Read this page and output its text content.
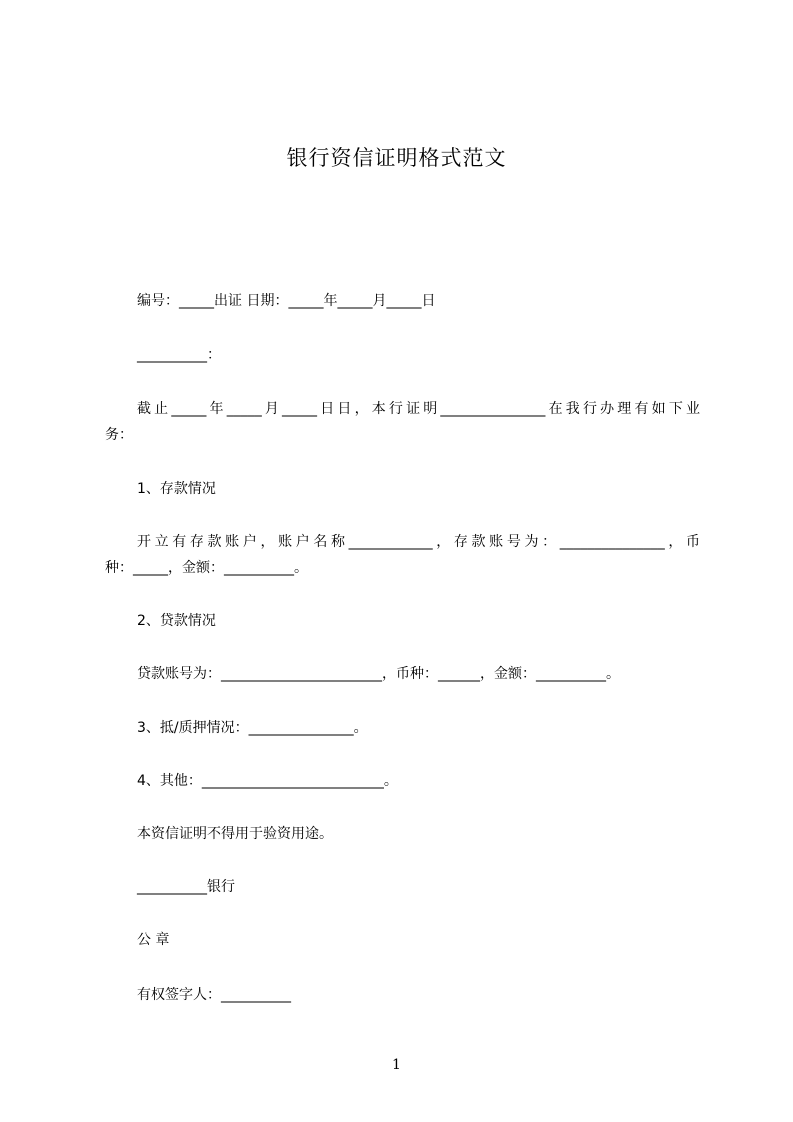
银行资信证明格式范文
编号：_____出证 日期：_____年_____月_____日
__________：
截止_____年_____月_____日日，本行证明_______________在我行办理有如下业
务：
1、存款情况
开立有存款账户，账户名称____________，存款账号为：_______________，币
种：_____，金额：__________。
2、贷款情况
贷款账号为：_______________________，币种：______，金额：__________。
3、抵/质押情况：_______________。
4、其他：__________________________。
本资信证明不得用于验资用途。
__________银行
公 章
有权签字人：__________
1
